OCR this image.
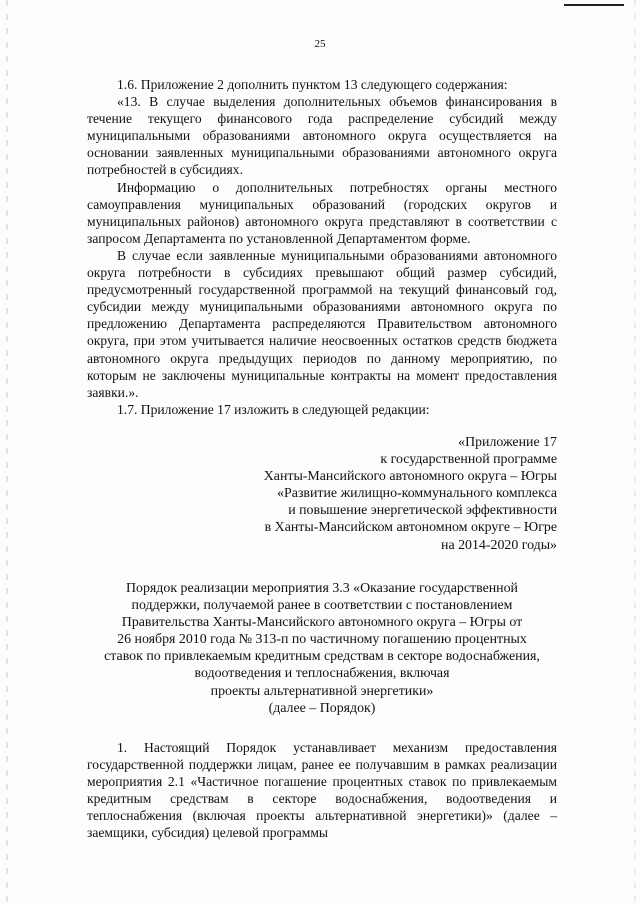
25

1.6. Приложение 2 дополнить пунктом 13 следующего содержания:

«13. В случае выделения дополнительных объемов финансирования в течение текущего финансового года распределение субсидий между муниципальными образованиями автономного округа осуществляется на основании заявленных муниципальными образованиями автономного округа потребностей в субсидиях.

Информацию о дополнительных потребностях органы местного самоуправления муниципальных образований (городских округов и муниципальных районов) автономного округа представляют в соответствии с запросом Департамента по установленной Департаментом форме.

В случае если заявленные муниципальными образованиями автономного округа потребности в субсидиях превышают общий размер субсидий, предусмотренный государственной программой на текущий финансовый год, субсидии между муниципальными образованиями автономного округа по предложению Департамента распределяются Правительством автономного округа, при этом учитывается наличие неосвоенных остатков средств бюджета автономного округа предыдущих периодов по данному мероприятию, по которым не заключены муниципальные контракты на момент предоставления заявки.».

1.7. Приложение 17 изложить в следующей редакции:

«Приложение 17
к государственной программе
Ханты-Мансийского автономного округа – Югры
«Развитие жилищно-коммунального комплекса
и повышение энергетической эффективности
в Ханты-Мансийском автономном округе – Югре
на 2014-2020 годы»
Порядок реализации мероприятия 3.3 «Оказание государственной
поддержки, получаемой ранее в соответствии с постановлением
Правительства Ханты-Мансийского автономного округа – Югры от
26 ноября 2010 года № 313-п по частичному погашению процентных
ставок по привлекаемым кредитным средствам в секторе водоснабжения,
водоотведения и теплоснабжения, включая
проекты альтернативной энергетики»
(далее – Порядок)

1. Настоящий Порядок устанавливает механизм предоставления государственной поддержки лицам, ранее ее получавшим в рамках реализации мероприятия 2.1 «Частичное погашение процентных ставок по привлекаемым кредитным средствам в секторе водоснабжения, водоотведения и теплоснабжения (включая проекты альтернативной энергетики)» (далее – заемщики, субсидия) целевой программы
